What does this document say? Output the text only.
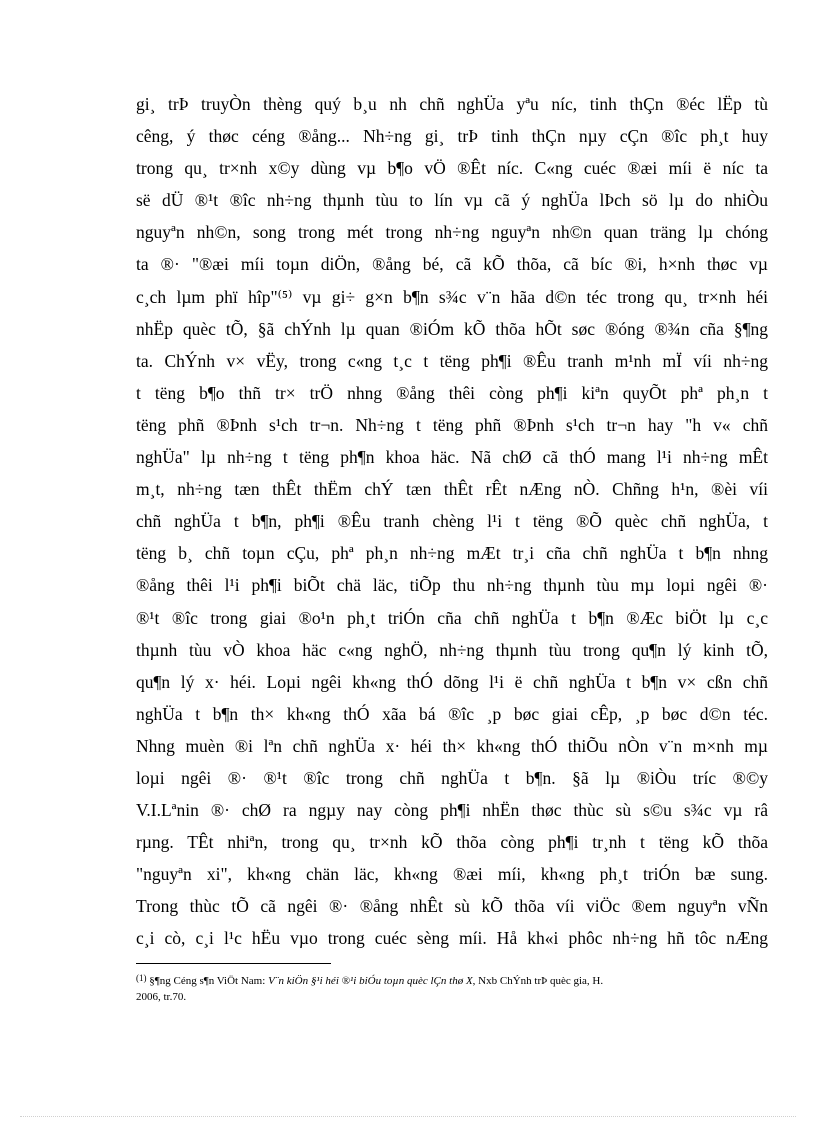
gi¸ trÞ truyÒn thèng quý b¸u nh chñ nghÜa yªu níc, tinh thÇn ®éc lËp tù
cêng, ý thøc céng ®ång... Nh÷ng gi¸ trÞ tinh thÇn nµy cÇn ®îc ph¸t huy
trong qu¸ tr×nh x©y dùng vµ b¶o vÖ ®Êt níc. C«ng cuéc ®æi míi ë níc ta
së dÜ ®¹t ®îc nh÷ng thµnh tùu to lín vµ cã ý nghÜa lÞch sö lµ do nhiÒu
nguyªn nh©n, song trong mét trong nh÷ng nguyªn nh©n quan träng lµ chóng
ta ®· "®æi míi toµn diÖn, ®ång bé, cã kÕ thõa, cã bíc ®i, h×nh thøc vµ
c¸ch lµm phï hîp"⁽⁵⁾ vµ gi÷ g×n b¶n s¾c v¨n hãa d©n téc trong qu¸ tr×nh héi
nhËp quèc tÕ, §ã chÝnh lµ quan ®iÓm kÕ thõa hÕt søc ®óng ®¾n cña §¶ng
ta. ChÝnh v× vËy, trong c«ng t¸c t tëng ph¶i ®Êu tranh m¹nh mÏ víi nh÷ng
t tëng b¶o thñ tr× trÖ nhng ®ång thêi còng ph¶i kiªn quyÕt phª ph¸n t
tëng phñ ®Þnh s¹ch tr¬n. Nh÷ng t tëng phñ ®Þnh s¹ch tr¬n hay "h v« chñ
nghÜa" lµ nh÷ng t tëng ph¶n khoa häc. Nã chØ cã thÓ mang l¹i nh÷ng mÊt
m¸t, nh÷ng tæn thÊt thËm chÝ tæn thÊt rÊt nÆng nÒ. Chñng h¹n, ®èi víi
chñ nghÜa t b¶n, ph¶i ®Êu tranh chèng l¹i t tëng ®Õ quèc chñ nghÜa, t
tëng b¸ chñ toµn cÇu, phª ph¸n nh÷ng mÆt tr¸i cña chñ nghÜa t b¶n nhng
®ång thêi l¹i ph¶i biÕt chä läc, tiÕp thu nh÷ng thµnh tùu mµ loµi ngêi ®·
®¹t ®îc trong giai ®o¹n ph¸t triÓn cña chñ nghÜa t b¶n ®Æc biÖt lµ c¸c
thµnh tùu vÒ khoa häc c«ng nghÖ, nh÷ng thµnh tùu trong qu¶n lý kinh tÕ,
qu¶n lý x· héi. Loµi ngêi kh«ng thÓ dõng l¹i ë chñ nghÜa t b¶n v× cßn chñ
nghÜa t b¶n th× kh«ng thÓ xãa bá ®îc ¸p bøc giai cÊp, ¸p bøc d©n téc.
Nhng muèn ®i lªn chñ nghÜa x· héi th× kh«ng thÓ thiÕu nÒn v¨n m×nh mµ
loµi ngêi ®· ®¹t ®îc trong chñ nghÜa t b¶n. §ã lµ ®iÒu tríc ®©y
V.I.Lªnin ®· chØ ra ngµy nay còng ph¶i nhËn thøc thùc sù s©u s¾c vµ râ
rµng. TÊt nhiªn, trong qu¸ tr×nh kÕ thõa còng ph¶i tr¸nh t tëng kÕ thõa
"nguyªn xi", kh«ng chän läc, kh«ng ®æi míi, kh«ng ph¸t triÓn bæ sung.
Trong thùc tÕ cã ngêi ®· ®ång nhÊt sù kÕ thõa víi viÖc ®em nguyªn vÑn
c¸i cò, c¸i l¹c hËu vµo trong cuéc sèng míi. Hå kh«i phôc nh÷ng hñ tôc nÆng
$^{(1)}$ §¶ng Céng s¶n ViÖt Nam: V¨n kiÖn §¹i héi ®¹i biÓu toµn quèc lÇn thø X, Nxb ChÝnh trÞ quèc gia, H.
2006, tr.70.
